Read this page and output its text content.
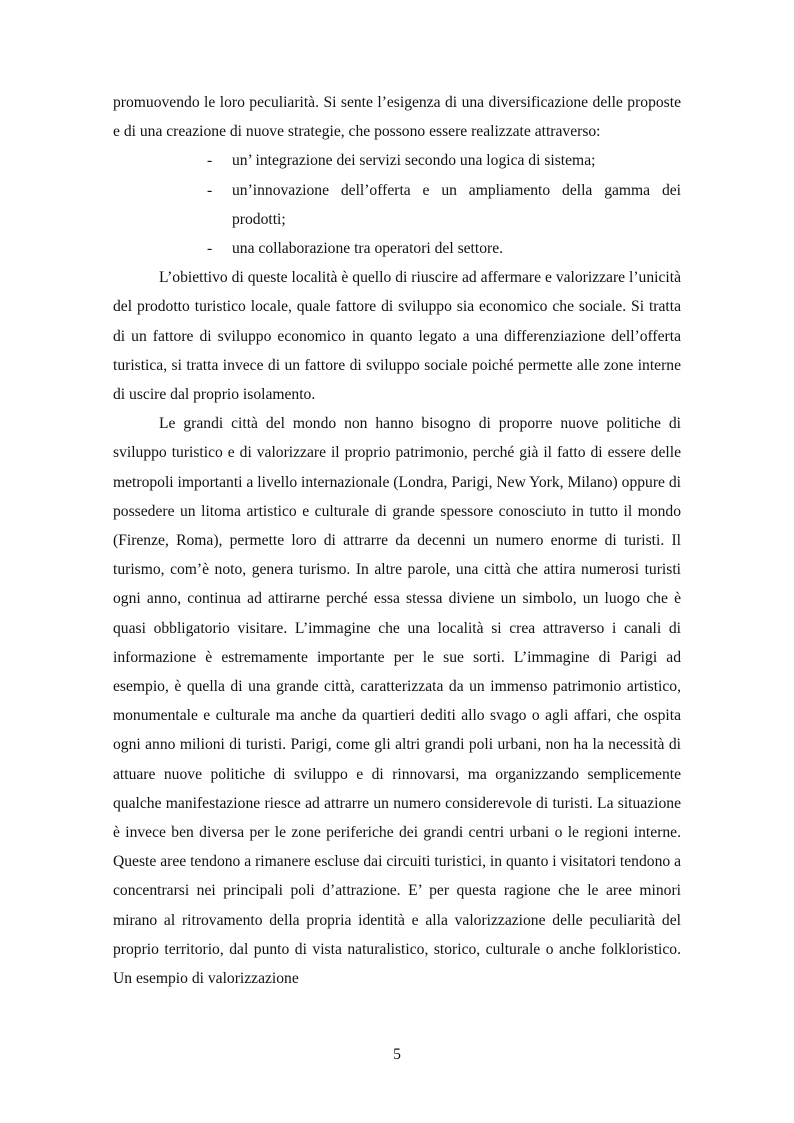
promuovendo le loro peculiarità. Si sente l’esigenza di una diversificazione delle proposte e di una creazione di nuove strategie, che possono essere realizzate attraverso:

- un’ integrazione dei servizi secondo una logica di sistema;
- un’innovazione dell’offerta e un ampliamento della gamma dei prodotti;
- una collaborazione tra operatori del settore.

L’obiettivo di queste località è quello di riuscire ad affermare e valorizzare l’unicità del prodotto turistico locale, quale fattore di sviluppo sia economico che sociale. Si tratta di un fattore di sviluppo economico in quanto legato a una differenziazione dell’offerta turistica, si tratta invece di un fattore di sviluppo sociale poiché permette alle zone interne di uscire dal proprio isolamento.

Le grandi città del mondo non hanno bisogno di proporre nuove politiche di sviluppo turistico e di valorizzare il proprio patrimonio, perché già il fatto di essere delle metropoli importanti a livello internazionale (Londra, Parigi, New York, Milano) oppure di possedere un litoma artistico e culturale di grande spessore conosciuto in tutto il mondo (Firenze, Roma), permette loro di attrarre da decenni un numero enorme di turisti. Il turismo, com’è noto, genera turismo. In altre parole, una città che attira numerosi turisti ogni anno, continua ad attirarne perché essa stessa diviene un simbolo, un luogo che è quasi obbligatorio visitare. L’immagine che una località si crea attraverso i canali di informazione è estremamente importante per le sue sorti. L’immagine di Parigi ad esempio, è quella di una grande città, caratterizzata da un immenso patrimonio artistico, monumentale e culturale ma anche da quartieri dediti allo svago o agli affari, che ospita ogni anno milioni di turisti. Parigi, come gli altri grandi poli urbani, non ha la necessità di attuare nuove politiche di sviluppo e di rinnovarsi, ma organizzando semplicemente qualche manifestazione riesce ad attrarre un numero considerevole di turisti. La situazione è invece ben diversa per le zone periferiche dei grandi centri urbani o le regioni interne. Queste aree tendono a rimanere escluse dai circuiti turistici, in quanto i visitatori tendono a concentrarsi nei principali poli d’attrazione. E’ per questa ragione che le aree minori mirano al ritrovamento della propria identità e alla valorizzazione delle peculiarità del proprio territorio, dal punto di vista naturalistico, storico, culturale o anche folkloristico. Un esempio di valorizzazione

5
